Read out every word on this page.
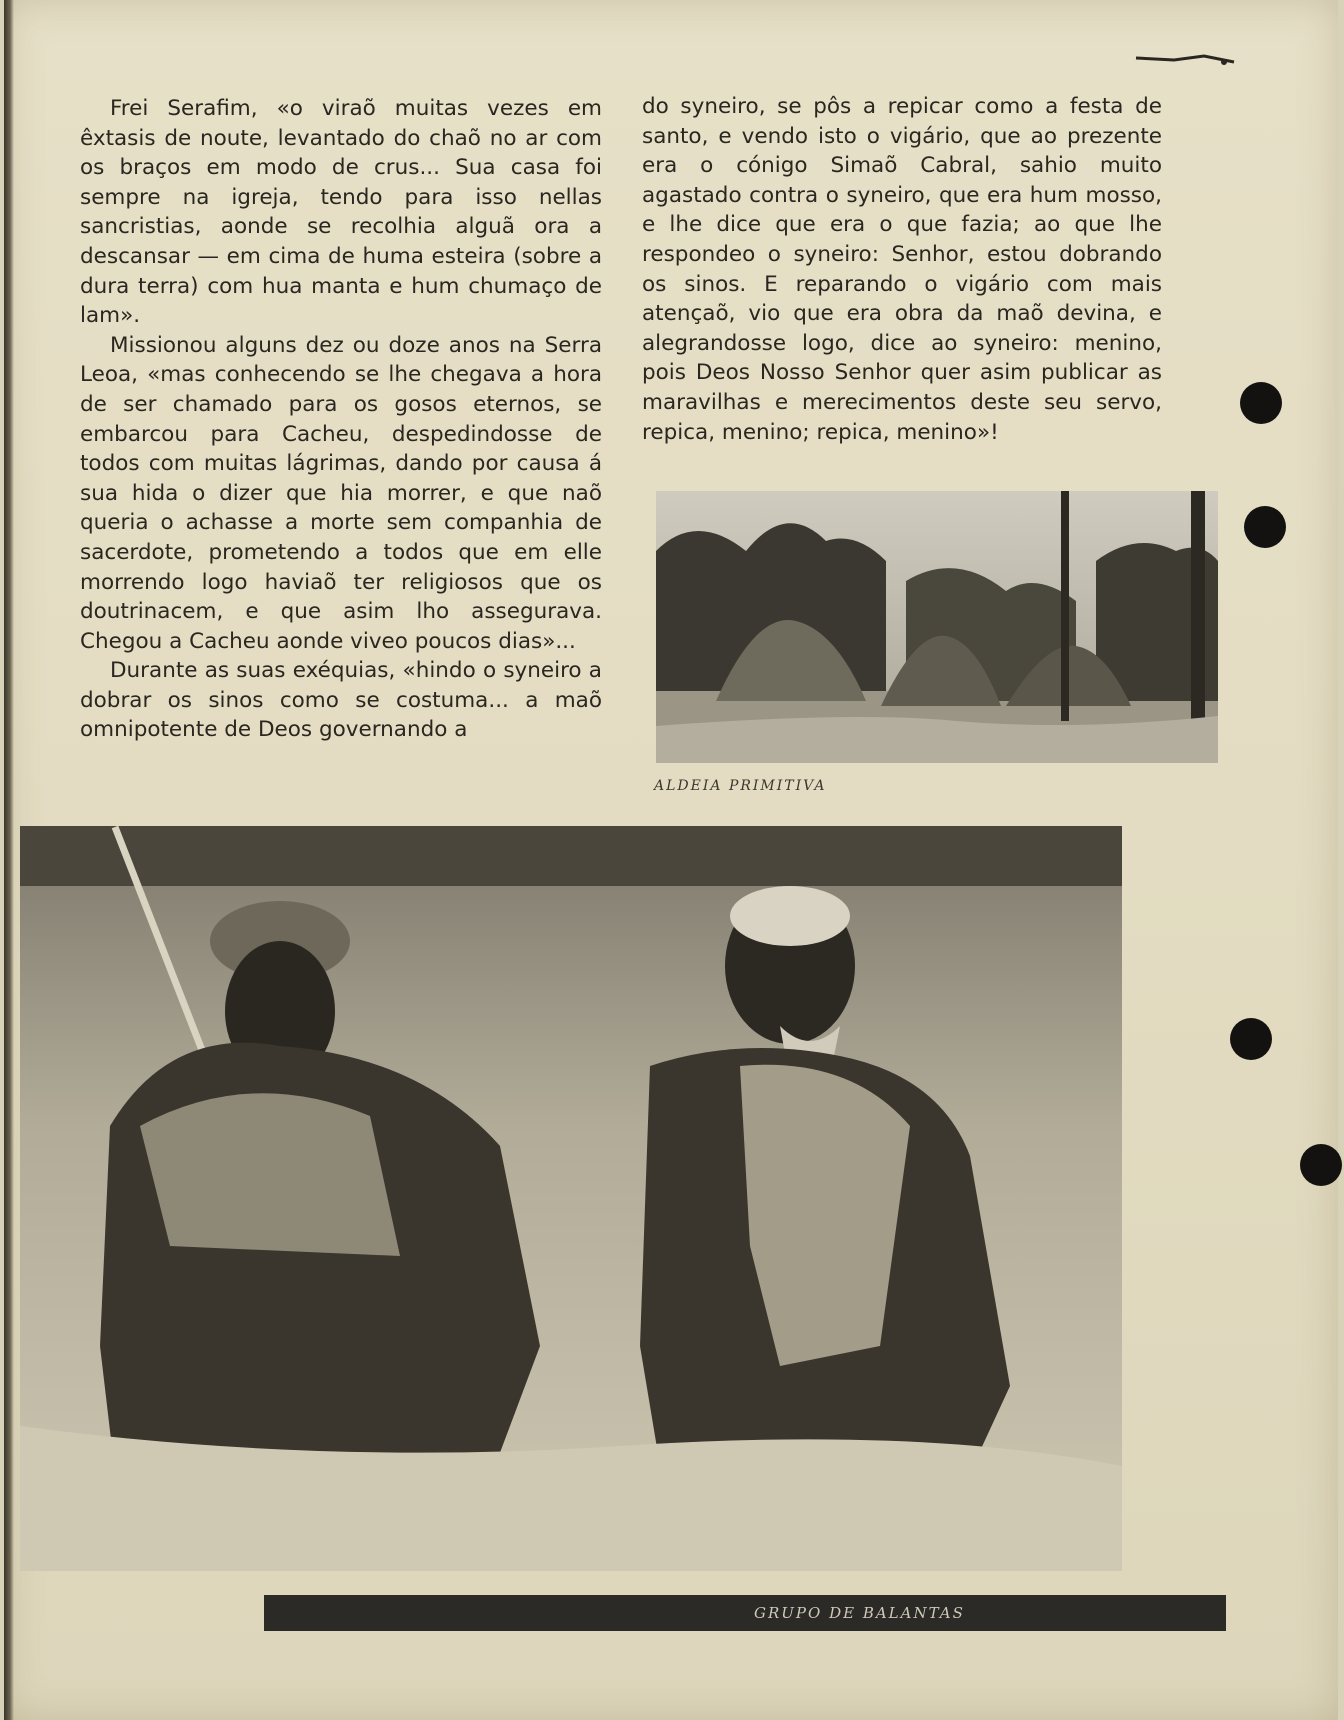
Frei Serafim, «o viraõ muitas vezes em êxtasis de noute, levantado do chaõ no ar com os braços em modo de crus... Sua casa foi sempre na igreja, tendo para isso nellas sancristias, aonde se recolhia alguã ora a descansar — em cima de huma esteira (sobre a dura terra) com hua manta e hum chumaço de lam».

Missionou alguns dez ou doze anos na Serra Leoa, «mas conhecendo se lhe chegava a hora de ser chamado para os gosos eternos, se embarcou para Cacheu, despedindosse de todos com muitas lágrimas, dando por causa á sua hida o dizer que hia morrer, e que naõ queria o achasse a morte sem companhia de sacerdote, prometendo a todos que em elle morrendo logo haviaõ ter religiosos que os doutrinacem, e que asim lho assegurava. Chegou a Cacheu aonde viveo poucos dias»...

Durante as suas exéquias, «hindo o syneiro a dobrar os sinos como se costuma... a maõ omnipotente de Deos governando a

do syneiro, se pôs a repicar como a festa de santo, e vendo isto o vigário, que ao prezente era o cónigo Simaõ Cabral, sahio muito agastado contra o syneiro, que era hum mosso, e lhe dice que era o que fazia; ao que lhe respondeo o syneiro: Senhor, estou dobrando os sinos. E reparando o vigário com mais atençaõ, vio que era obra da maõ devina, e alegrandosse logo, dice ao syneiro: menino, pois Deos Nosso Senhor quer asim publicar as maravilhas e merecimentos deste seu servo, repica, menino; repica, menino»!

ALDEIA PRIMITIVA
GRUPO DE BALANTAS
